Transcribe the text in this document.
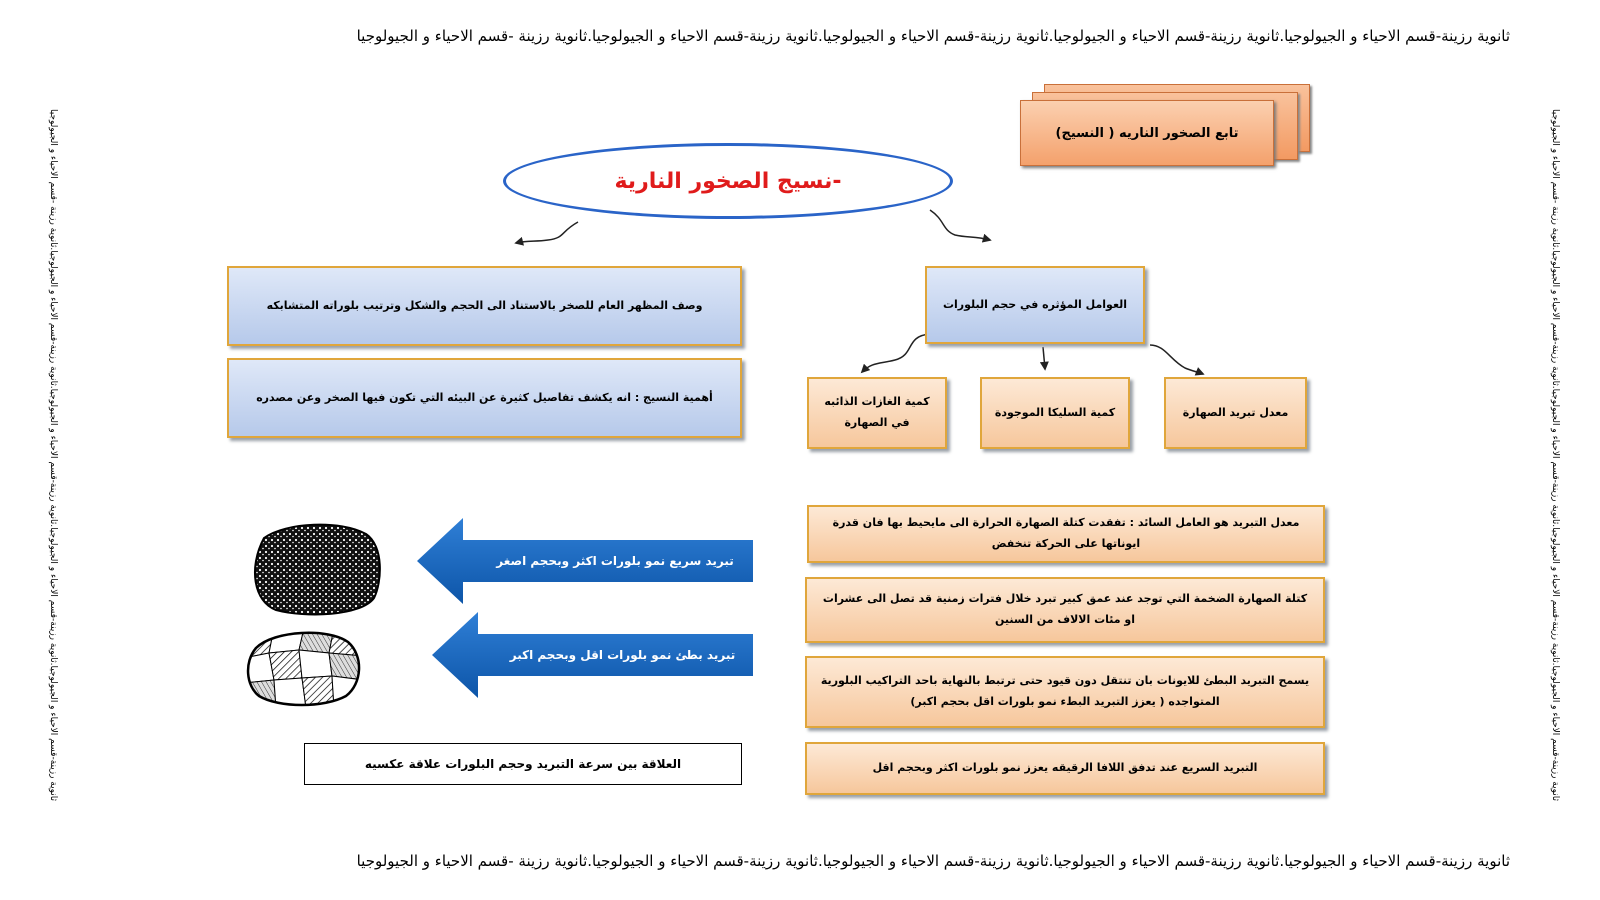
ثانوية رزينة-قسم الاحياء و الجيولوجيا.ثانوية رزينة-قسم الاحياء و الجيولوجيا.ثانوية رزينة-قسم الاحياء و الجيولوجيا.ثانوية رزينة-قسم الاحياء و الجيولوجيا.ثانوية رزينة -قسم الاحياء و الجيولوجيا
ثانوية رزينة-قسم الاحياء و الجيولوجيا.ثانوية رزينة-قسم الاحياء و الجيولوجيا.ثانوية رزينة-قسم الاحياء و الجيولوجيا.ثانوية رزينة-قسم الاحياء و الجيولوجيا.ثانوية رزينة -قسم الاحياء و الجيولوجيا
ثانوية رزينة-قسم الاحياء و الجيولوجيا.ثانوية رزينة-قسم الاحياء و الجيولوجيا.ثانوية رزينة-قسم الاحياء و الجيولوجيا.ثانوية رزينة-قسم الاحياء و الجيولوجيا.ثانوية رزينة -قسم الاحياء و الجيولوجيا	ثانوية رزينة-قسم الاحياء و الجيولوجيا.ثانوية رزينة-قسم الاحياء و الجيولوجيا.ثانوية رزينة-قسم الاحياء و الجيولوجيا.ثانوية رزينة-قسم الاحياء و الجيولوجيا.ثانوية رزينة -قسم الاحياء و الجيولوجيا
تابع الصخور الناريه ( النسيج)
-نسيج الصخور النارية
وصف المظهر العام للصخر بالاستناد الى الحجم والشكل وترتيب بلوراته المتشابكه
أهمية النسيج : انه يكشف تفاصيل كثيرة عن البيئه التي تكون فيها الصخر وعن مصدره
العوامل المؤثره في حجم البلورات
معدل تبريد الصهارة
كمية السليكا الموجودة
كمية الغازات الذائبه في الصهارة
معدل التبريد هو العامل السائد : تفقدت كتلة الصهارة الحرارة الى مايحيط بها فان قدرة ايوناتها على الحركة تنخفض
كتلة الصهارة الضخمة التي توجد عند عمق كبير تبرد خلال فترات زمنية قد تصل الى عشرات او مئات الالاف من السنين
يسمح التبريد البطئ للايونات بان تنتقل دون قيود حتى ترتبط بالنهاية باحد التراكيب البلورية المتواجده ( يعزز التبريد البطء نمو بلورات اقل بحجم اكبر)
التبريد السريع عند تدفق اللافا الرقيقه يعزز نمو بلورات اكثر وبحجم اقل
تبريد سريع نمو بلورات اكثر وبحجم اصغر
تبريد بطئ نمو بلورات اقل وبحجم اكبر
العلاقة بين سرعة التبريد وحجم البلورات علاقة عكسيه
